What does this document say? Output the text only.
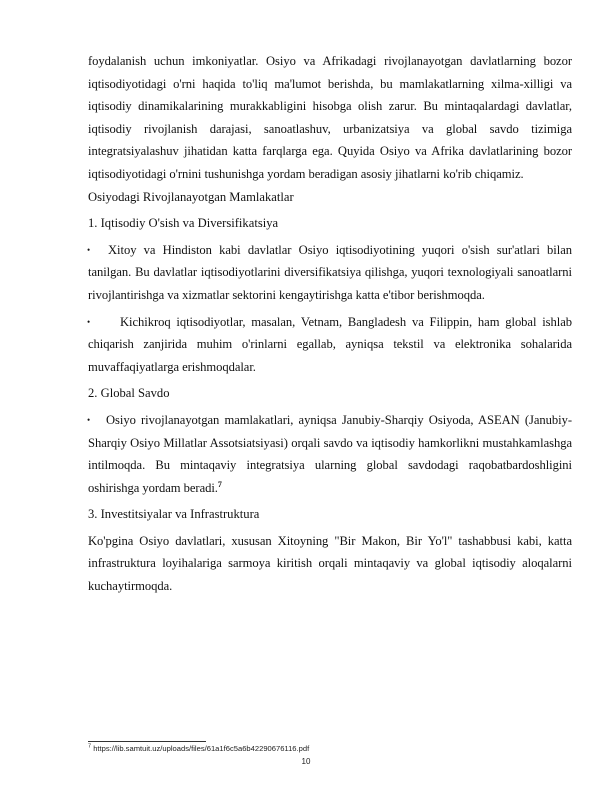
foydalanish uchun imkoniyatlar. Osiyo va Afrikadagi rivojlanayotgan davlatlarning bozor iqtisodiyotidagi o'rni haqida to'liq ma'lumot berishda, bu mamlakatlarning xilma-xilligi va iqtisodiy dinamikalarining murakkabligini hisobga olish zarur. Bu mintaqalardagi davlatlar, iqtisodiy rivojlanish darajasi, sanoatlashuv, urbanizatsiya va global savdo tizimiga integratsiyalashuv jihatidan katta farqlarga ega. Quyida Osiyo va Afrika davlatlarining bozor iqtisodiyotidagi o'rnini tushunishga yordam beradigan asosiy jihatlarni ko'rib chiqamiz.

Osiyodagi Rivojlanayotgan Mamlakatlar

1. Iqtisodiy O'sish va Diversifikatsiya

•	Xitoy va Hindiston kabi davlatlar Osiyo iqtisodiyotining yuqori o'sish sur'atlari bilan tanilgan. Bu davlatlar iqtisodiyotlarini diversifikatsiya qilishga, yuqori texnologiyali sanoatlarni rivojlantirishga va xizmatlar sektorini kengaytirishga katta e'tibor berishmoqda.

•	Kichikroq iqtisodiyotlar, masalan, Vetnam, Bangladesh va Filippin, ham global ishlab chiqarish zanjirida muhim o'rinlarni egallab, ayniqsa tekstil va elektronika sohalarida muvaffaqiyatlarga erishmoqdalar.

2. Global Savdo

•	Osiyo rivojlanayotgan mamlakatlari, ayniqsa Janubiy-Sharqiy Osiyoda, ASEAN (Janubiy-Sharqiy Osiyo Millatlar Assotsiatsiyasi) orqali savdo va iqtisodiy hamkorlikni mustahkamlashga intilmoqda. Bu mintaqaviy integratsiya ularning global savdodagi raqobatbardoshligini oshirishga yordam beradi.$^7$

3. Investitsiyalar va Infrastruktura

Ko'pgina Osiyo davlatlari, xususan Xitoyning "Bir Makon, Bir Yo'l" tashabbusi kabi, katta infrastruktura loyihalariga sarmoya kiritish orqali mintaqaviy va global iqtisodiy aloqalarni kuchaytirmoqda.

$^7$ https://lib.samtuit.uz/uploads/files/61a1f6c5a6b42290676116.pdf
10
